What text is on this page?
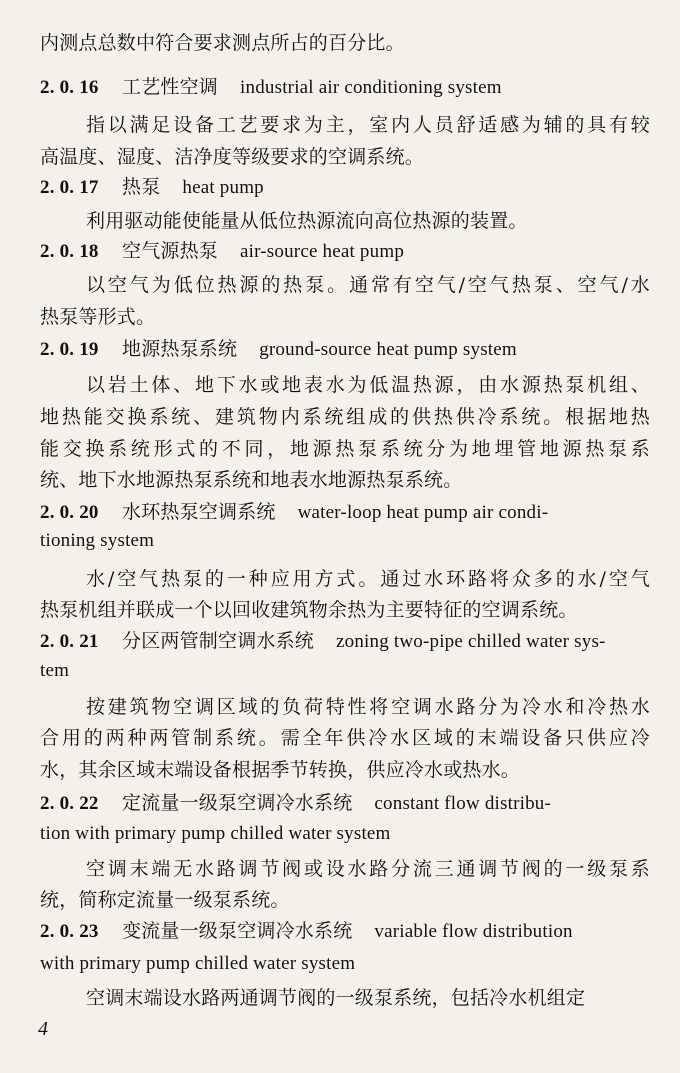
内测点总数中符合要求测点所占的百分比。
2. 0. 16 工艺性空调 industrial air conditioning system
指以满足设备工艺要求为主，室内人员舒适感为辅的具有较
高温度、湿度、洁净度等级要求的空调系统。
2. 0. 17 热泵 heat pump
利用驱动能使能量从低位热源流向高位热源的装置。
2. 0. 18 空气源热泵 air-source heat pump
以空气为低位热源的热泵。通常有空气/空气热泵、空气/水
热泵等形式。
2. 0. 19 地源热泵系统 ground-source heat pump system
以岩土体、地下水或地表水为低温热源，由水源热泵机组、
地热能交换系统、建筑物内系统组成的供热供冷系统。根据地热
能交换系统形式的不同，地源热泵系统分为地埋管地源热泵系
统、地下水地源热泵系统和地表水地源热泵系统。
2. 0. 20 水环热泵空调系统 water-loop heat pump air condi-
tioning system
水/空气热泵的一种应用方式。通过水环路将众多的水/空气
热泵机组并联成一个以回收建筑物余热为主要特征的空调系统。
2. 0. 21 分区两管制空调水系统 zoning two-pipe chilled water sys-
tem
按建筑物空调区域的负荷特性将空调水路分为冷水和冷热水
合用的两种两管制系统。需全年供冷水区域的末端设备只供应冷
水，其余区域末端设备根据季节转换，供应冷水或热水。
2. 0. 22 定流量一级泵空调冷水系统 constant flow distribu-
tion with primary pump chilled water system
空调末端无水路调节阀或设水路分流三通调节阀的一级泵系
统，简称定流量一级泵系统。
2. 0. 23 变流量一级泵空调冷水系统 variable flow distribution
with primary pump chilled water system
空调末端设水路两通调节阀的一级泵系统，包括冷水机组定
4
